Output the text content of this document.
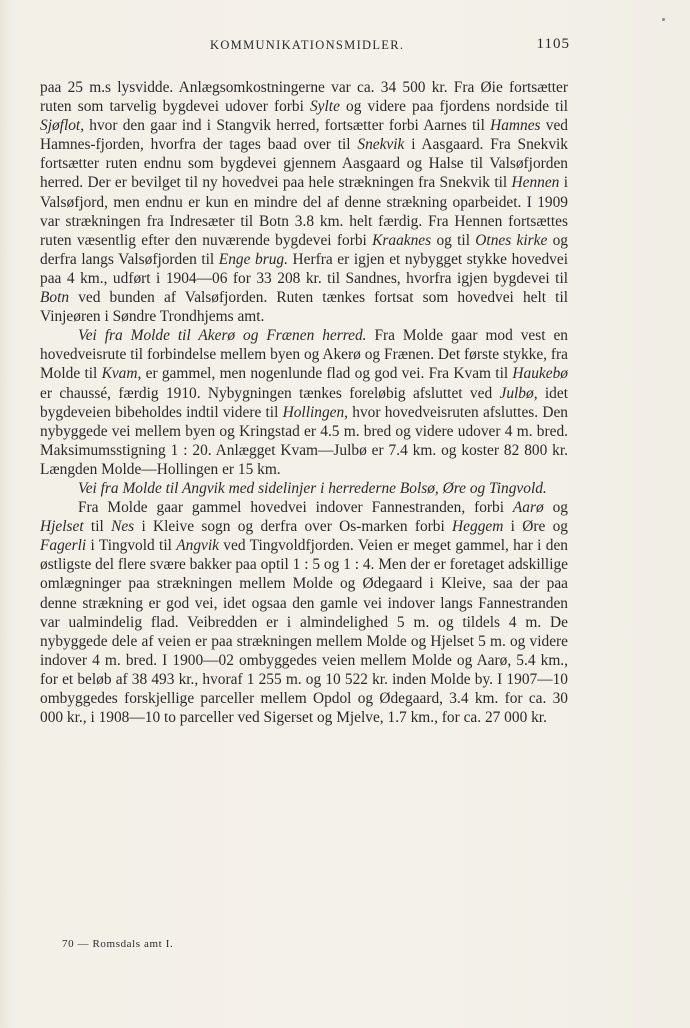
KOMMUNIKATIONSMIDLER.	1105

paa 25 m.s lysvidde. Anlægsomkostningerne var ca. 34 500 kr. Fra Øie fortsætter ruten som tarvelig bygdevei udover forbi Sylte og videre paa fjordens nordside til Sjøflot, hvor den gaar ind i Stangvik herred, fortsætter forbi Aarnes til Hamnes ved Hamnes-fjorden, hvorfra der tages baad over til Snekvik i Aasgaard. Fra Snekvik fortsætter ruten endnu som bygdevei gjennem Aasgaard og Halse til Valsøfjorden herred. Der er bevilget til ny hovedvei paa hele strækningen fra Snekvik til Hennen i Valsøfjord, men endnu er kun en mindre del af denne strækning oparbeidet. I 1909 var strækningen fra Indresæter til Botn 3.8 km. helt færdig. Fra Hennen fortsættes ruten væsentlig efter den nuværende bygdevei forbi Kraaknes og til Otnes kirke og derfra langs Valsøfjorden til Enge brug. Herfra er igjen et nybygget stykke hovedvei paa 4 km., udført i 1904—06 for 33 208 kr. til Sandnes, hvorfra igjen bygdevei til Botn ved bunden af Valsøfjorden. Ruten tænkes fortsat som hovedvei helt til Vinjeøren i Søndre Trondhjems amt.

Vei fra Molde til Akerø og Frænen herred. Fra Molde gaar mod vest en hovedveisrute til forbindelse mellem byen og Akerø og Frænen. Det første stykke, fra Molde til Kvam, er gammel, men nogenlunde flad og god vei. Fra Kvam til Haukebø er chaussé, færdig 1910. Nybygningen tænkes foreløbig afsluttet ved Julbø, idet bygdeveien bibeholdes indtil videre til Hollingen, hvor hovedveisruten afsluttes. Den nybyggede vei mellem byen og Kringstad er 4.5 m. bred og videre udover 4 m. bred. Maksimumsstigning 1 : 20. Anlægget Kvam—Julbø er 7.4 km. og koster 82 800 kr. Længden Molde—Hollingen er 15 km.

Vei fra Molde til Angvik med sidelinjer i herrederne Bolsø, Øre og Tingvold.

Fra Molde gaar gammel hovedvei indover Fannestranden, forbi Aarø og Hjelset til Nes i Kleive sogn og derfra over Os-marken forbi Heggem i Øre og Fagerli i Tingvold til Angvik ved Tingvoldfjorden. Veien er meget gammel, har i den østligste del flere svære bakker paa optil 1 : 5 og 1 : 4. Men der er foretaget adskillige omlægninger paa strækningen mellem Molde og Ødegaard i Kleive, saa der paa denne strækning er god vei, idet ogsaa den gamle vei indover langs Fannestranden var ualmindelig flad. Veibredden er i almindelighed 5 m. og tildels 4 m. De nybyggede dele af veien er paa strækningen mellem Molde og Hjelset 5 m. og videre indover 4 m. bred. I 1900—02 ombyggedes veien mellem Molde og Aarø, 5.4 km., for et beløb af 38 493 kr., hvoraf 1 255 m. og 10 522 kr. inden Molde by. I 1907—10 ombyggedes forskjellige parceller mellem Opdol og Ødegaard, 3.4 km. for ca. 30 000 kr., i 1908—10 to parceller ved Sigerset og Mjelve, 1.7 km., for ca. 27 000 kr.

70 — Romsdals amt I.
